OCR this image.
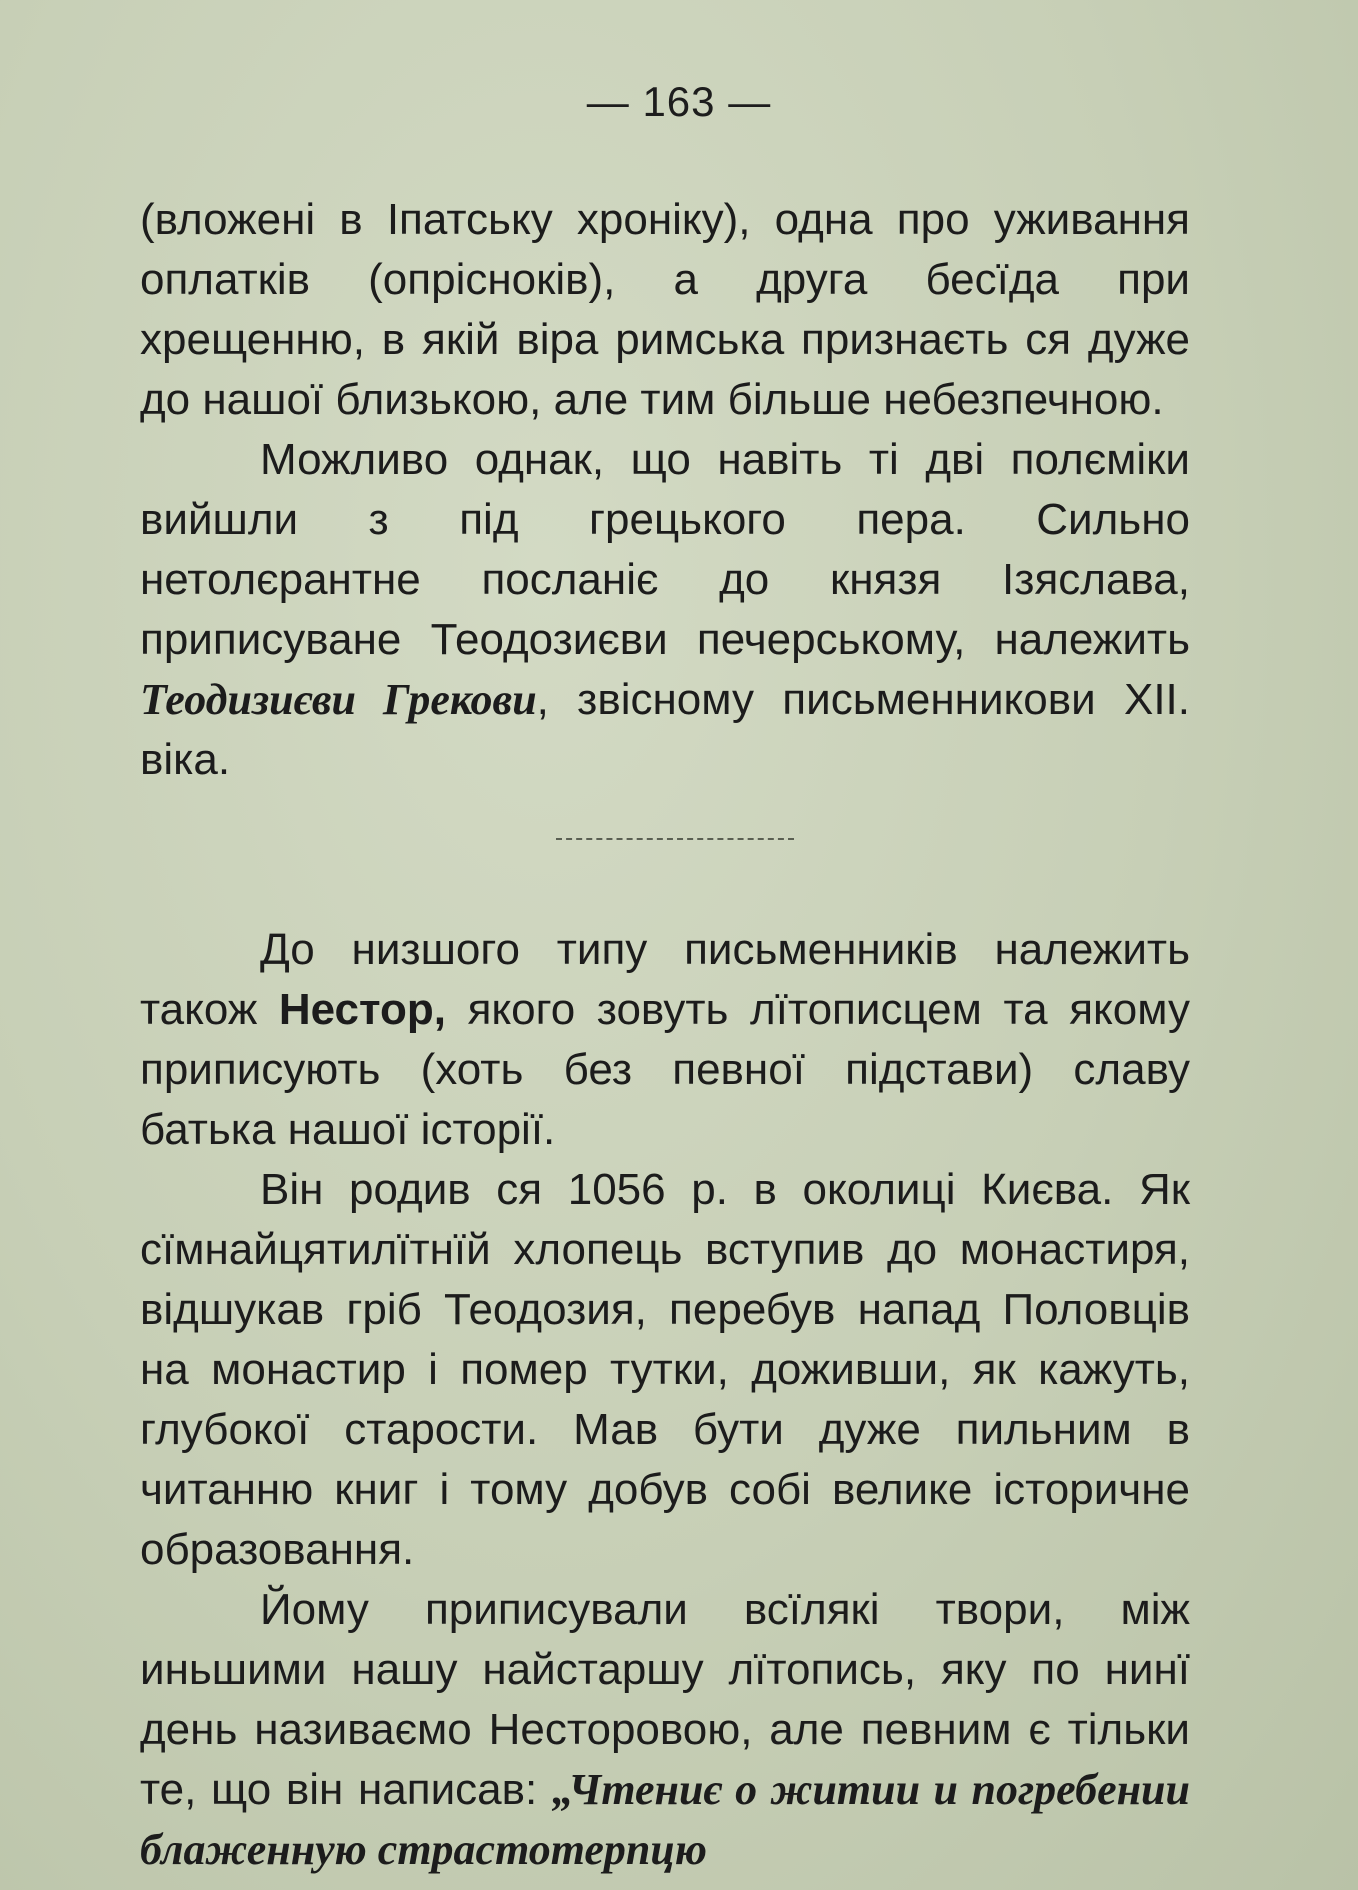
— 163 —

(вложені в Іпатську хроніку), одна про уживання оплатків (опрісноків), а друга бесїда при хрещенню, в якій віра римська признаєть ся дуже до нашої близькою, але тим більше небезпечною.

Можливо однак, що навіть ті дві полєміки вийшли з під грецького пера. Сильно нетолєрантне посланіє до князя Ізяслава, приписуване Теодозиєви печерському, належить Теодизиєви Грекови, звісному письменникови XII. віка.

До низшого типу письменників належить також Нестор, якого зовуть лїтописцем та якому приписують (хоть без певної підстави) славу батька нашої історії.

Він родив ся 1056 р. в околиці Києва. Як сїмнайцятилїтнїй хлопець вступив до монастиря, відшукав гріб Теодозия, перебув напад Половців на монастир і помер тутки, доживши, як кажуть, глубокої старости. Мав бути дуже пильним в читанню книг і тому добув собі велике історичне образовання.

Йому приписували всїлякі твори, між иньшими нашу найстаршу лїтопись, яку по нинї день називаємо Несторовою, але певним є тільки те, що він написав: „Чтениє о житии и погребении блаженную страстотерпцю
